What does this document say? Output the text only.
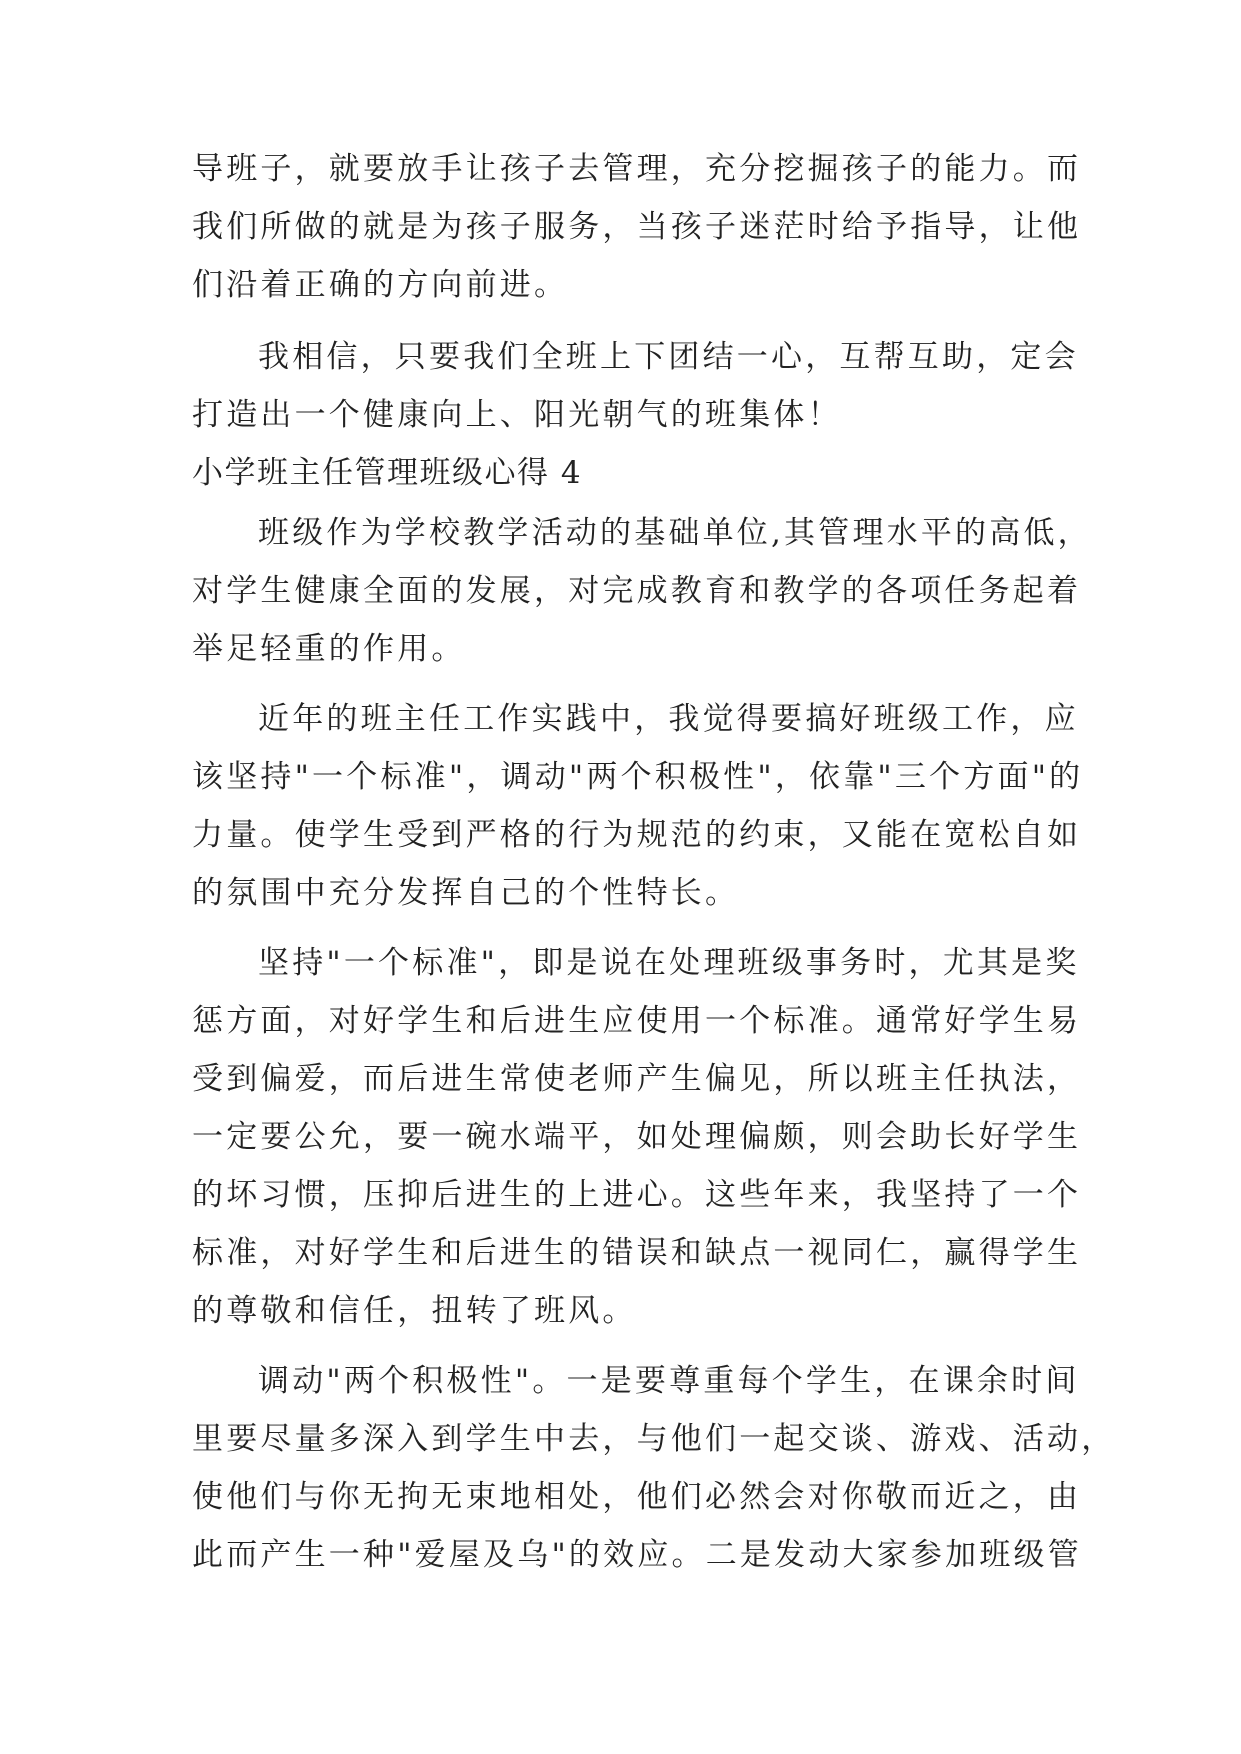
导班子，就要放手让孩子去管理，充分挖掘孩子的能力。而
我们所做的就是为孩子服务，当孩子迷茫时给予指导，让他
们沿着正确的方向前进。
我相信，只要我们全班上下团结一心，互帮互助，定会
打造出一个健康向上、阳光朝气的班集体！
小学班主任管理班级心得 4
班级作为学校教学活动的基础单位,其管理水平的高低，
对学生健康全面的发展，对完成教育和教学的各项任务起着
举足轻重的作用。
近年的班主任工作实践中，我觉得要搞好班级工作，应
该坚持"一个标准"，调动"两个积极性"，依靠"三个方面"的
力量。使学生受到严格的行为规范的约束，又能在宽松自如
的氛围中充分发挥自己的个性特长。
坚持"一个标准"，即是说在处理班级事务时，尤其是奖
惩方面，对好学生和后进生应使用一个标准。通常好学生易
受到偏爱，而后进生常使老师产生偏见，所以班主任执法，
一定要公允，要一碗水端平，如处理偏颇，则会助长好学生
的坏习惯，压抑后进生的上进心。这些年来，我坚持了一个
标准，对好学生和后进生的错误和缺点一视同仁，赢得学生
的尊敬和信任，扭转了班风。
调动"两个积极性"。一是要尊重每个学生，在课余时间
里要尽量多深入到学生中去，与他们一起交谈、游戏、活动，
使他们与你无拘无束地相处，他们必然会对你敬而近之，由
此而产生一种"爱屋及乌"的效应。二是发动大家参加班级管
